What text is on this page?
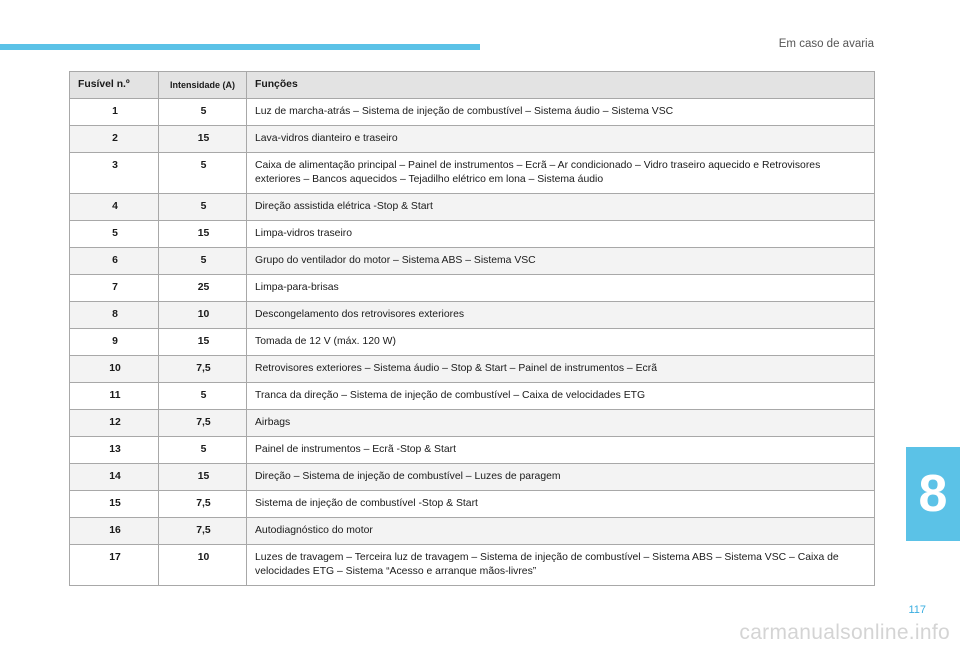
Em caso de avaria
Fusível n.º	Intensidade (A)	Funções
1	5	Luz de marcha-atrás – Sistema de injeção de combustível – Sistema áudio – Sistema VSC
2	15	Lava-vidros dianteiro e traseiro
3	5	Caixa de alimentação principal – Painel de instrumentos – Ecrã – Ar condicionado – Vidro traseiro aquecido e Retrovisores exteriores – Bancos aquecidos – Tejadilho elétrico em lona – Sistema áudio
4	5	Direção assistida elétrica -Stop & Start
5	15	Limpa-vidros traseiro
6	5	Grupo do ventilador do motor – Sistema ABS – Sistema VSC
7	25	Limpa-para-brisas
8	10	Descongelamento dos retrovisores exteriores
9	15	Tomada de 12 V (máx. 120 W)
10	7,5	Retrovisores exteriores – Sistema áudio – Stop & Start – Painel de instrumentos – Ecrã
11	5	Tranca da direção – Sistema de injeção de combustível – Caixa de velocidades ETG
12	7,5	Airbags
13	5	Painel de instrumentos – Ecrã -Stop & Start
14	15	Direção – Sistema de injeção de combustível – Luzes de paragem
15	7,5	Sistema de injeção de combustível -Stop & Start
16	7,5	Autodiagnóstico do motor
17	10	Luzes de travagem – Terceira luz de travagem – Sistema de injeção de combustível – Sistema ABS – Sistema VSC – Caixa de velocidades ETG – Sistema “Acesso e arranque mãos-livres”
8
117
carmanualsonline.info
